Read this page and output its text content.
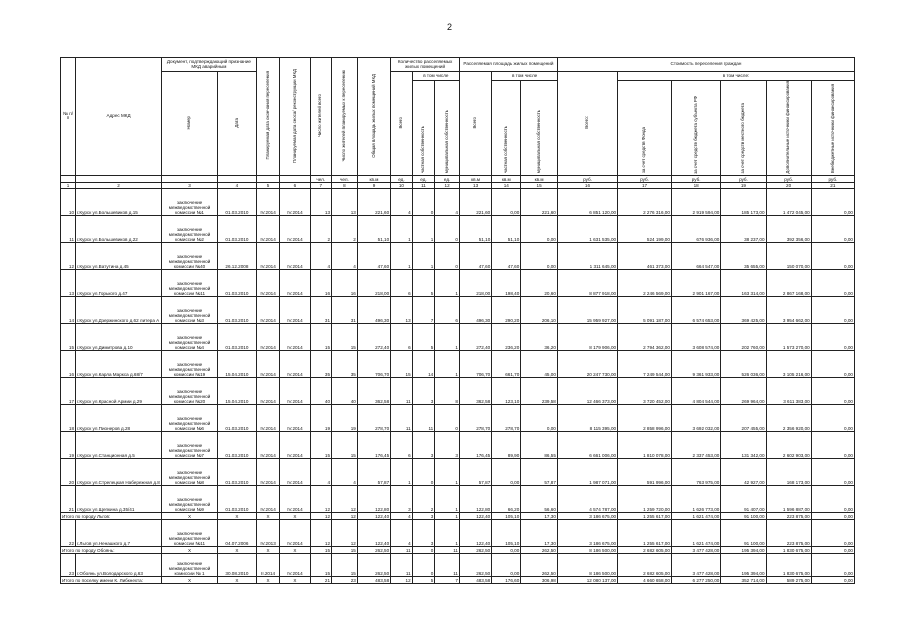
2
№ п/п	Адрес МКД	Документ, подтверждающий признание МКД аварийным		Планируемая дата окончания переселения	Планируемая дата сноса/ реконструкции МКД	Число жителей всего	Число жителей планируемых к переселению	Общая площадь жилых помещений МКД	Количество расселяемых жилых помещений			Расселяемая площадь жилых помещений			Стоимость переселения граждан					
		Номер	Дата						Всего	в том числе		Всего	в том числе		Всего:	в том числе:				
										частная собственность	муниципальная собственность		частная собственность	муниципальная собственность		за счет средств Фонда	за счет средств бюджета субъекта РФ	за счет средств местного бюджета	Дополнительные источники финансирования	Внебюджетные источники финансирования
						чел.	чел.	кв.м	ед.	ед.	ед.	кв.м	кв.м	кв.м	руб.	руб.	руб.	руб.	руб.	руб.
1	2	3	4	5	6	7	8	9	10	11	12	13	14	15	16	17	18	19	20	21
10	г.Курск ул.Большевиков д.15	заключение межведомственной комиссии №1	01.03.2010	IV.2014	IV.2014	13	13	221,60	4	0	4	221,60	0,00	221,60	6 851 120,00	2 276 316,00	2 919 594,00	185 173,00	1 472 045,00	0,00
11	г.Курск ул.Большевиков д.22	заключение межведомственной комиссии №2	01.03.2010	IV.2014	IV.2014	2	2	51,10	1	1	0	51,10	51,10	0,00	1 631 535,00	524 199,00	676 936,00	38 237,00	392 356,00	0,00
12	г.Курск ул.Ватутина д.45	заключение межведомственной комиссии №40	26.12.2008	IV.2014	IV.2014	4	4	47,60	1	1	0	47,60	47,60	0,00	1 311 645,00	461 373,00	664 547,00	35 655,00	150 070,00	0,00
13	г.Курск ул.Горького д.47	заключение межведомственной комиссии №11	01.03.2010	IV.2014	IV.2014	16	16	218,00	6	5	1	218,00	198,40	20,60	8 877 918,00	2 246 569,00	2 901 167,00	163 314,00	2 867 168,00	0,00
14	г.Курск ул.Дзержинского д.62 литера А	заключение межведомственной комиссии №3	01.03.2010	IV.2014	IV.2014	31	31	496,30	13	7	6	496,30	290,20	206,10	15 959 927,00	5 091 187,00	6 574 653,00	369 425,00	3 954 662,00	0,00
15	г.Курск ул.Димитрова д.10	заключение межведомственной комиссии №4	01.03.2010	IV.2014	IV.2014	15	15	272,40	6	5	1	272,40	236,20	36,20	8 179 906,00	2 794 362,00	3 608 574,00	202 760,00	1 573 270,00	0,00
16	г.Курск ул.Карла Маркса д.68/7	заключение межведомственной комиссии №19	15.04.2010	IV.2014	IV.2014	35	35	706,70	15	14	1	706,70	661,70	45,00	20 247 730,00	7 249 544,00	9 361 933,00	526 036,00	3 105 216,00	0,00
17	г.Курск ул.Красной Армии д.29	заключение межведомственной комиссии №20	15.04.2010	IV.2014	IV.2014	40	40	362,58	11	3	8	362,58	123,10	239,58	12 466 373,00	3 720 452,00	4 804 544,00	269 964,00	3 611 383,00	0,00
18	г.Курск ул.Пионеров д.28	заключение межведомственной комиссии №6	01.03.2010	IV.2014	IV.2014	19	19	278,70	11	11	0	278,70	278,70	0,00	8 115 395,00	2 858 996,00	3 692 032,00	207 455,00	2 356 920,00	0,00
19	г.Курск ул.Станционная д.5	заключение межведомственной комиссии №7	01.03.2010	IV.2014	IV.2014	15	15	176,45	6	3	3	176,45	89,90	86,55	6 661 006,00	1 810 078,00	2 337 453,00	131 342,00	2 602 903,00	0,00
20	г.Курск ул.Стрелецкая Набережная д.8	заключение межведомственной комиссии №8	01.03.2010	IV.2014	IV.2014	4	4	57,87	1	0	1	57,87	0,00	57,87	1 987 071,00	591 996,00	763 975,00	42 927,00	168 173,00	0,00
21	г.Курск ул.Щепкина д.35/41	заключение межведомственной комиссии №9	01.03.2010	IV.2014	IV.2014	12	12	122,80	3	2	1	122,80	66,20	56,60	4 574 787,00	1 259 720,00	1 626 773,00	91 407,00	1 596 887,00	0,00
Итого по городу Льгов:		X	X	X	X	12	12	122,40	4	3	1	122,40	105,10	17,30	3 186 675,00	1 255 617,00	1 621 474,00	91 100,00	223 875,00	0,00
22	г.Льгов ул.Ненашкого д.7	заключение межведомственной комиссии №11	04.07.2006	IV.2013	IV.2014	12	12	122,40	4	3	1	122,40	105,10	17,30	3 186 675,00	1 255 617,00	1 621 474,00	91 100,00	223 875,00	0,00
Итого по городу Обоянь:		X	X	X	X	15	15	262,50	11	0	11	262,50	0,00	262,50	8 186 500,00	2 682 605,00	3 477 428,00	195 394,00	1 830 675,00	0,00
23	г.Обоянь ул.Володарского д.63	заключение межведомственной комиссии № 1	30.08.2010	II.2014	IV.2014	15	15	262,50	11	0	11	262,50	0,00	262,50	8 186 500,00	2 682 605,00	3 477 428,00	195 394,00	1 830 675,00	0,00
Итого по поселку имени К. Либкнехта:		X	X	X	X	21	23	483,58	12	5	7	483,58	176,60	306,98	12 080 137,00	4 660 658,00	6 277 250,00	352 714,00	589 275,00	0,00
